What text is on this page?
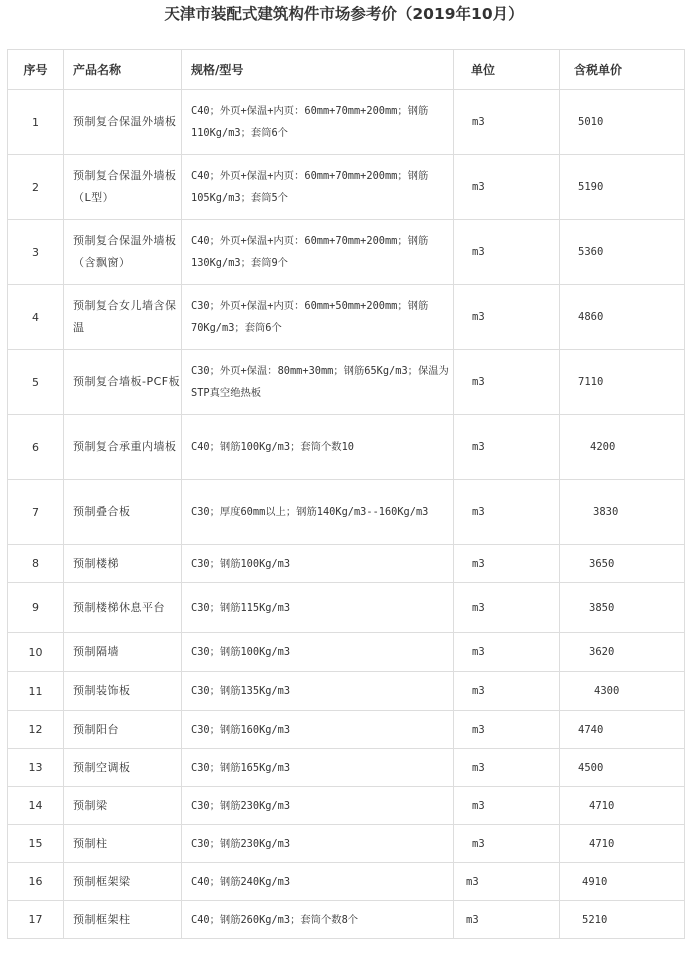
天津市装配式建筑构件市场参考价（2019年10月）
序号	产品名称	规格/型号	单位	含税单价
1	预制复合保温外墙板	C40；外页+保温+内页：60mm+70mm+200mm；钢筋110Kg/m3；套筒6个	m3	5010
2	预制复合保温外墙板（L型）	C40；外页+保温+内页：60mm+70mm+200mm；钢筋105Kg/m3；套筒5个	m3	5190
3	预制复合保温外墙板（含飘窗）	C40；外页+保温+内页：60mm+70mm+200mm；钢筋130Kg/m3；套筒9个	m3	5360
4	预制复合女儿墙含保温	C30；外页+保温+内页：60mm+50mm+200mm；钢筋70Kg/m3；套筒6个	m3	4860
5	预制复合墙板-PCF板	C30；外页+保温：80mm+30mm；钢筋65Kg/m3；保温为STP真空绝热板	m3	7110
6	预制复合承重内墙板	C40；钢筋100Kg/m3；套筒个数10	m3	4200
7	预制叠合板	C30；厚度60mm以上；钢筋140Kg/m3--160Kg/m3	m3	3830
8	预制楼梯	C30；钢筋100Kg/m3	m3	3650
9	预制楼梯休息平台	C30；钢筋115Kg/m3	m3	3850
10	预制隔墙	C30；钢筋100Kg/m3	m3	3620
11	预制装饰板	C30；钢筋135Kg/m3	m3	4300
12	预制阳台	C30；钢筋160Kg/m3	m3	4740
13	预制空调板	C30；钢筋165Kg/m3	m3	4500
14	预制梁	C30；钢筋230Kg/m3	m3	4710
15	预制柱	C30；钢筋230Kg/m3	m3	4710
16	预制框架梁	C40；钢筋240Kg/m3	m3	4910
17	预制框架柱	C40；钢筋260Kg/m3；套筒个数8个	m3	5210
